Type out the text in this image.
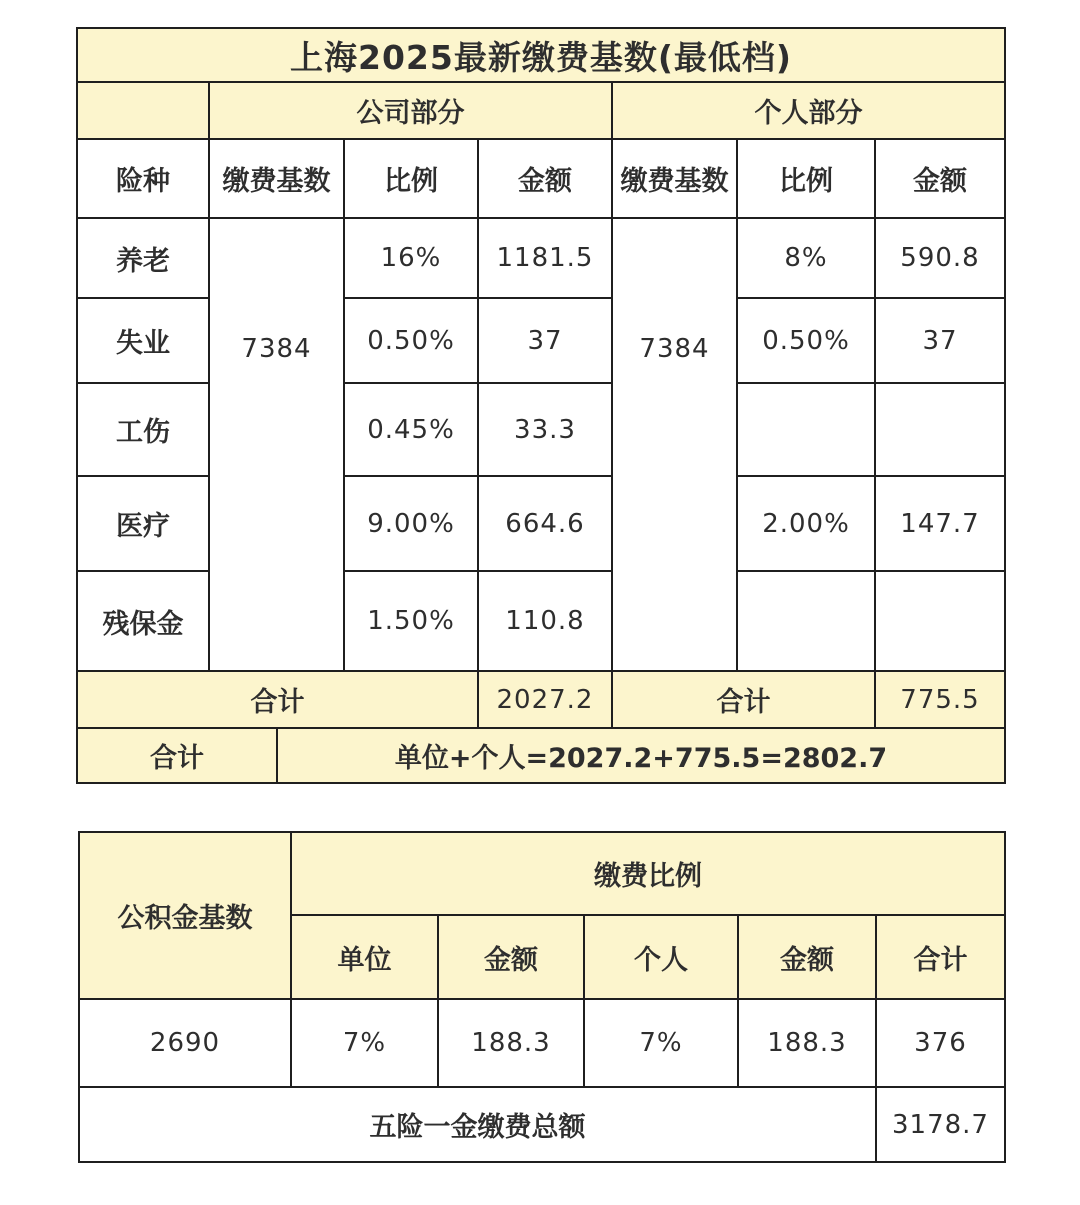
上海2025最新缴费基数(最低档)							
	公司部分				个人部分		
险种	缴费基数		比例	金额	缴费基数	比例	金额
养老	7384		16%	1181.5	7384	8%	590.8
失业			0.50%	37		0.50%	37
工伤			0.45%	33.3			
医疗			9.00%	664.6		2.00%	147.7
残保金			1.50%	110.8			
合计				2027.2	合计		775.5
合计		单位+个人=2027.2+775.5=2802.7					
公积金基数	缴费比例				
	单位	金额	个人	金额	合计
2690	7%	188.3	7%	188.3	376
五险一金缴费总额					3178.7
